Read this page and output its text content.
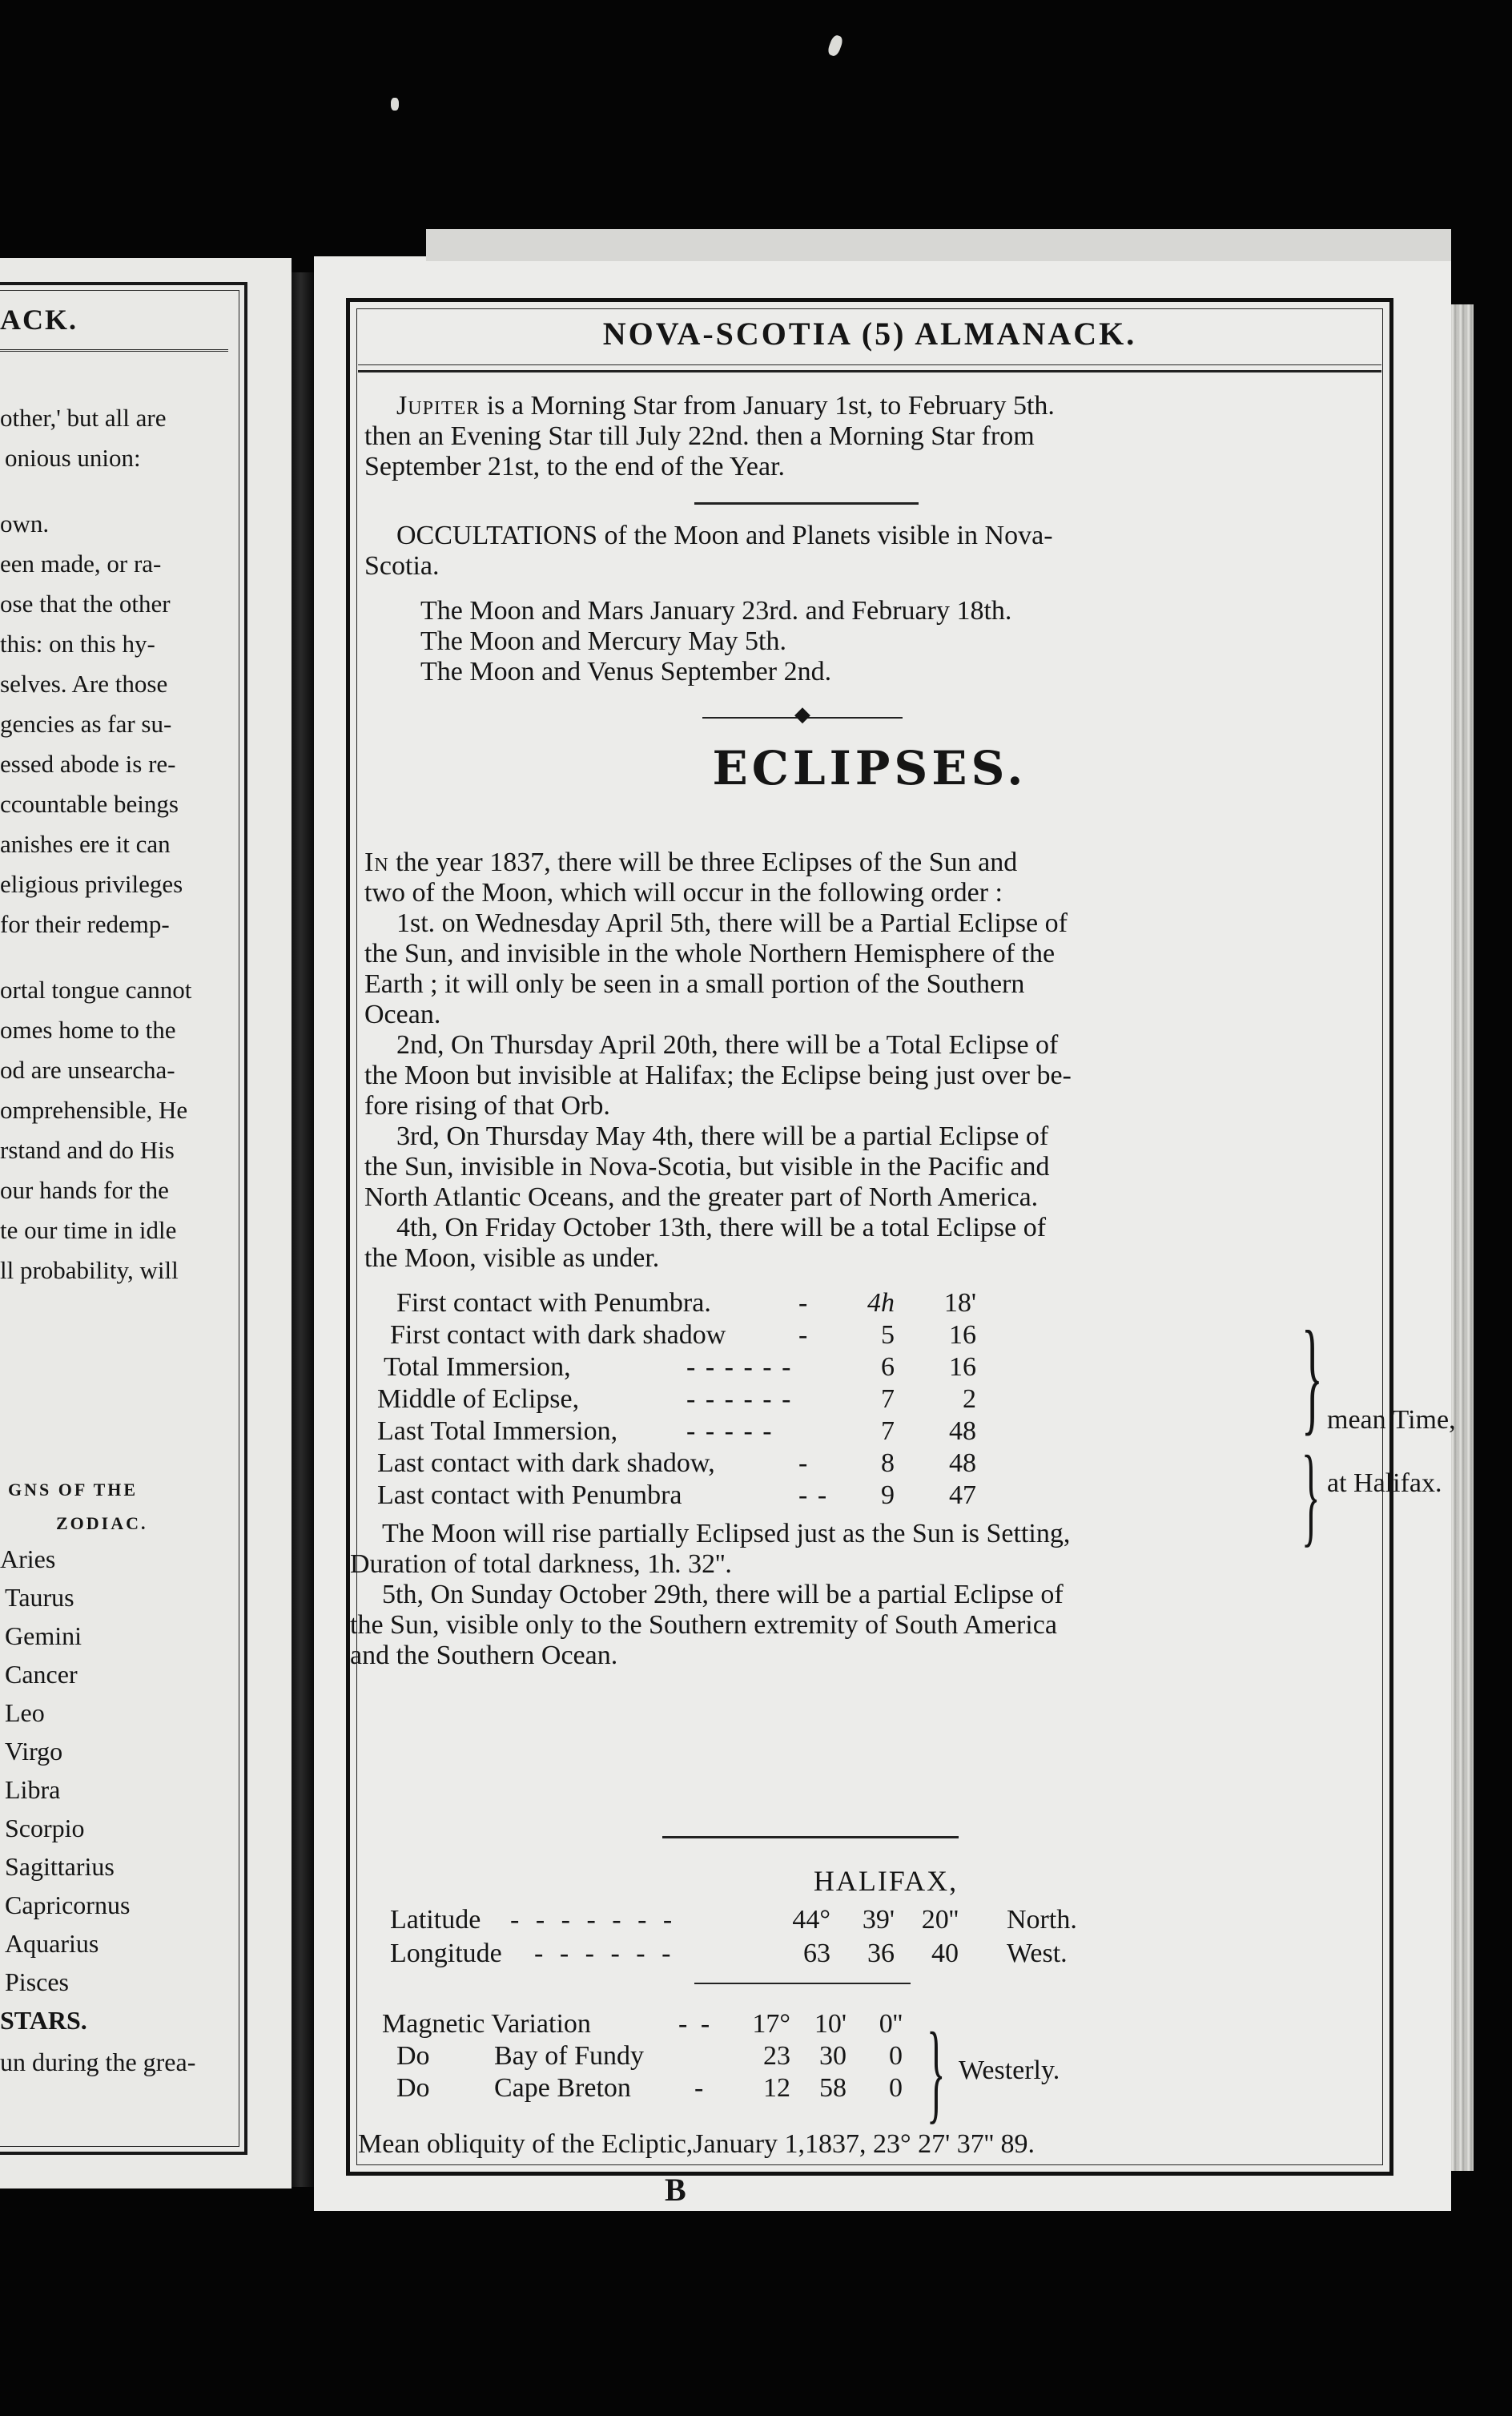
ACK.
other,' but all are
onious union:
own.
een made, or ra-
ose that the other
this: on this hy-
selves. Are those
gencies as far su-
essed abode is re-
ccountable beings
anishes ere it can
eligious privileges
for their redemp-
ortal tongue cannot
omes home to the
od are unsearcha-
omprehensible, He
rstand and do His
our hands for the
te our time in idle
ll probability, will
GNS OF THE
ZODIAC.
Aries
Taurus
Gemini
Cancer
Leo
Virgo
Libra
Scorpio
Sagittarius
Capricornus
Aquarius
Pisces
STARS.
un during the grea-
NOVA-SCOTIA (5) ALMANACK.
Jupiter is a Morning Star from January 1st, to February 5th.
then an Evening Star till July 22nd. then a Morning Star from
September 21st, to the end of the Year.
OCCULTATIONS of the Moon and Planets visible in Nova-
Scotia.
The Moon and Mars January 23rd. and February 18th.
The Moon and Mercury May 5th.
The Moon and Venus September 2nd.
◆
ECLIPSES.
In the year 1837, there will be three Eclipses of the Sun and
two of the Moon, which will occur in the following order :
1st. on Wednesday April 5th, there will be a Partial Eclipse of
the Sun, and invisible in the whole Northern Hemisphere of the
Earth ; it will only be seen in a small portion of the Southern
Ocean.
2nd, On Thursday April 20th, there will be a Total Eclipse of
the Moon but invisible at Halifax; the Eclipse being just over be-
fore rising of that Orb.
3rd, On Thursday May 4th, there will be a partial Eclipse of
the Sun, invisible in Nova-Scotia, but visible in the Pacific and
North Atlantic Oceans, and the greater part of North America.
4th, On Friday October 13th, there will be a total Eclipse of
the Moon, visible as under.
First contact with Penumbra.	-	4h	18'
First contact with dark shadow	-	5	16
Total Immersion,	- - - - - -	6	16
Middle of Eclipse,	- - - - - -	7	2
Last Total Immersion,	- - - - -	7	48
Last contact with dark shadow,	-	8	48
Last contact with Penumbra	- -	9	47
}
}
mean Time,
at Halifax.
The Moon will rise partially Eclipsed just as the Sun is Setting,
Duration of total darkness, 1h. 32''.
5th, On Sunday October 29th, there will be a partial Eclipse of
the Sun, visible only to the Southern extremity of South America
and the Southern Ocean.
HALIFAX,
Latitude - - - - - - -	44°	39' 20'' North.
Longitude - - - - - -	63	36	40 West.
Magnetic Variation	- -	17° 10'	0''
Do Bay of Fundy	23	30	0
Do Cape Breton -	12	58	0 } Westerly.
Mean obliquity of the Ecliptic,January 1,1837, 23° 27' 37'' 89.
B
